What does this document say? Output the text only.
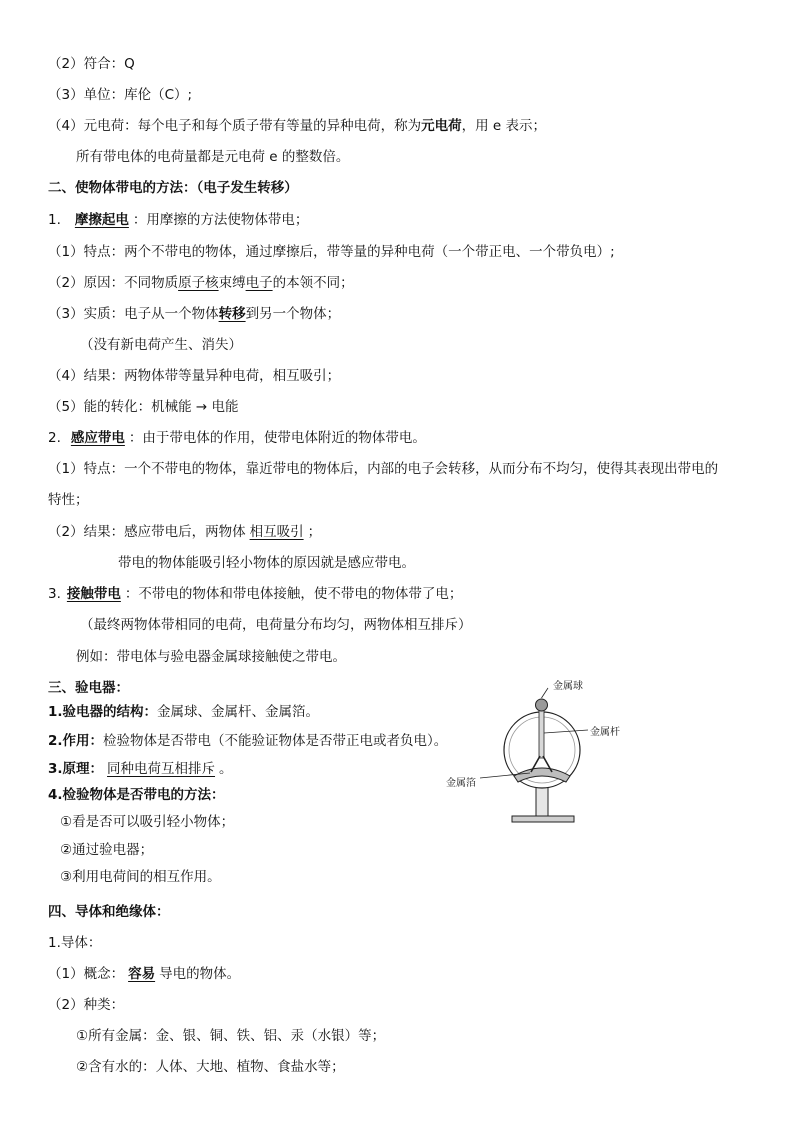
（2）符合：Q
（3）单位：库伦（C）;
（4）元电荷：每个电子和每个质子带有等量的异种电荷，称为元电荷，用 e 表示；
所有带电体的电荷量都是元电荷 e 的整数倍。
二、使物体带电的方法：（电子发生转移）
1. 摩擦起电 ：用摩擦的方法使物体带电；
（1）特点：两个不带电的物体，通过摩擦后，带等量的异种电荷（一个带正电、一个带负电）;
（2）原因：不同物质原子核束缚电子的本领不同；
（3）实质：电子从一个物体转移到另一个物体；
（没有新电荷产生、消失）
（4）结果：两物体带等量异种电荷，相互吸引；
（5）能的转化：机械能 → 电能
2. 感应带电 ：由于带电体的作用，使带电体附近的物体带电。
（1）特点：一个不带电的物体，靠近带电的物体后，内部的电子会转移，从而分布不均匀，使得其表现出带电的
特性；
（2）结果：感应带电后，两物体 相互吸引 ；
带电的物体能吸引轻小物体的原因就是感应带电。
3. 接触带电 ：不带电的物体和带电体接触，使不带电的物体带了电；
（最终两物体带相同的电荷，电荷量分布均匀，两物体相互排斥）
例如：带电体与验电器金属球接触使之带电。
三、验电器：
1.验电器的结构：金属球、金属杆、金属箔。
2.作用：检验物体是否带电（不能验证物体是否带正电或者负电）。
3.原理： 同种电荷互相排斥 。
4.检验物体是否带电的方法：
①看是否可以吸引轻小物体；
②通过验电器；
③利用电荷间的相互作用。
四、导体和绝缘体：
1.导体：
（1）概念： 容易 导电的物体。
（2）种类：
①所有金属：金、银、铜、铁、铝、汞（水银）等；
②含有水的：人体、大地、植物、食盐水等；
金属球
金属杆
金属箔
